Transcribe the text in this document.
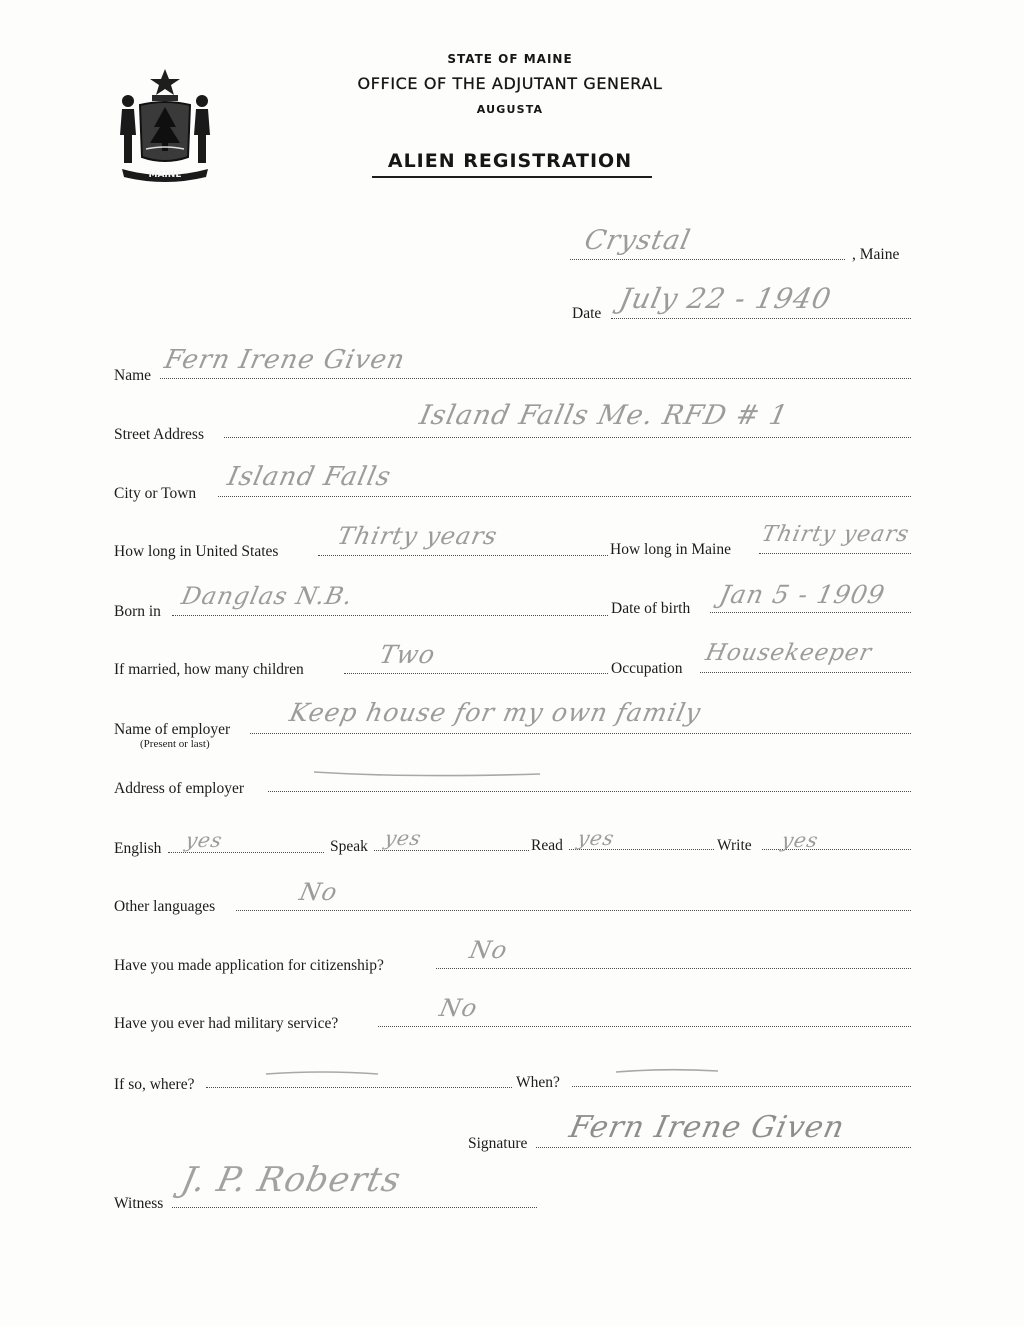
MAINE
STATE OF MAINE
OFFICE OF THE ADJUTANT GENERAL
AUGUSTA
ALIEN REGISTRATION
Crystal	, Maine
Date July 22 - 1940
Name
Fern Irene Given
Street Address
Island Falls Me. RFD # 1
City or Town
Island Falls
How long in United States
Thirty years	How long in Maine
Thirty years
Born in
Danglas N.B.	Date of birth Jan 5 - 1909
If married, how many children
Two	Occupation
Housekeeper
Name of employer
(Present or last)
Keep house for my own family
Address of employer
English yes	Speak yes	Read yes	Write yes
Other languages
No
Have you made application for citizenship?
No
Have you ever had military service?
No
If so, where?	When?
Signature Fern Irene Given
Witness
J. P. Roberts
